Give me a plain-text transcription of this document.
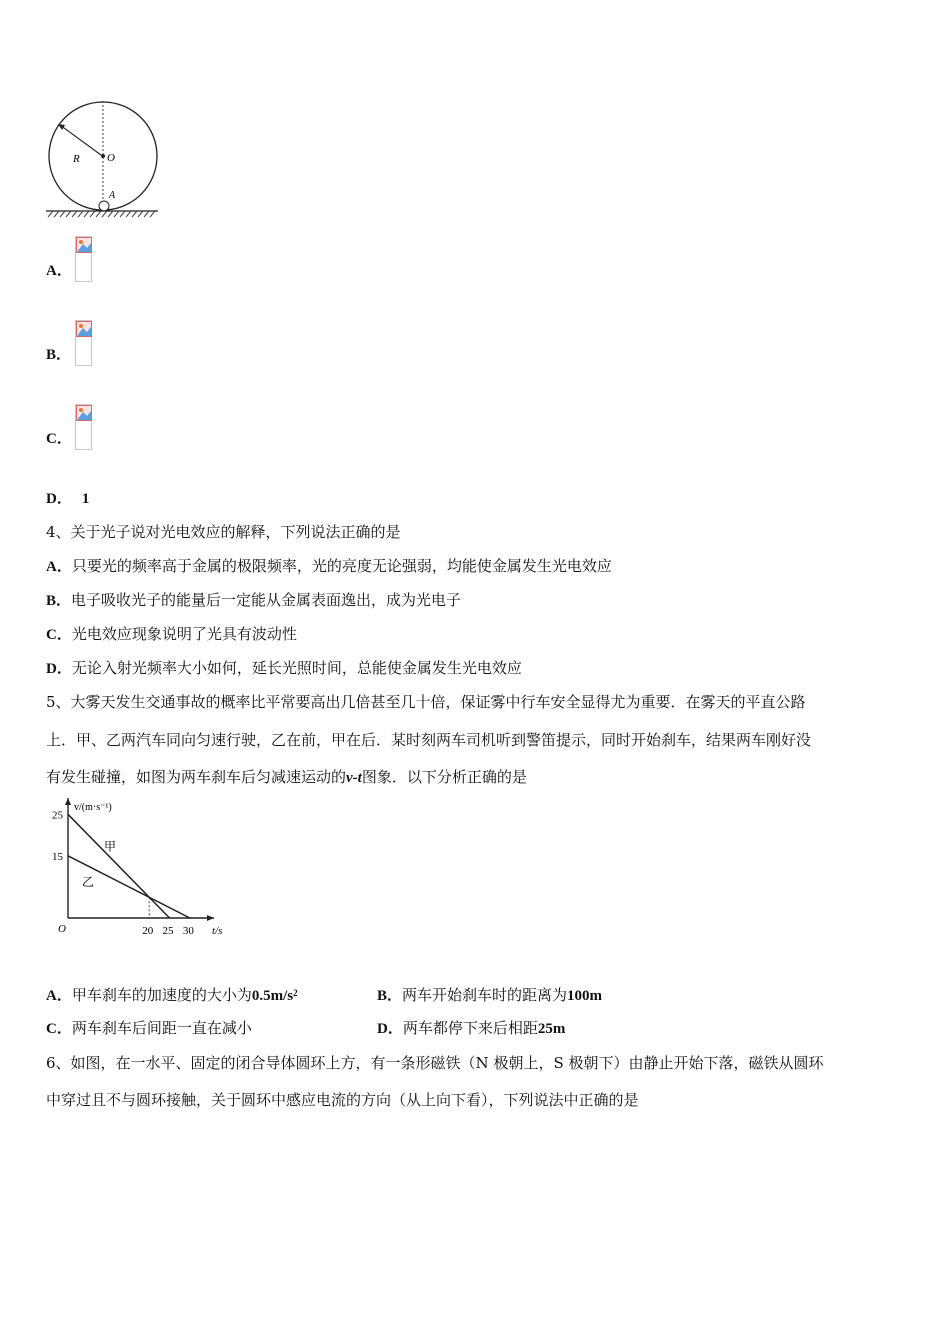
R O
A
A．
B．
C．
D． 1
4、关于光子说对光电效应的解释，下列说法正确的是
A．只要光的频率高于金属的极限频率，光的亮度无论强弱，均能使金属发生光电效应
B．电子吸收光子的能量后一定能从金属表面逸出，成为光电子
C．光电效应现象说明了光具有波动性
D．无论入射光频率大小如何，延长光照时间，总能使金属发生光电效应
5、大雾天发生交通事故的概率比平常要高出几倍甚至几十倍，保证雾中行车安全显得尤为重要．在雾天的平直公路
上．甲、乙两汽车同向匀速行驶，乙在前，甲在后．某时刻两车司机听到警笛提示，同时开始刹车，结果两车刚好没
有发生碰撞，如图为两车刹车后匀减速运动的v-t图象．以下分析正确的是
v/(m·s⁻¹)
t/s
O
25
15
20 25 30
甲
乙
A．甲车刹车的加速度的大小为$0.5m/s^2$	B．两车开始刹车时的距离为100m
C．两车刹车后间距一直在减小	D．两车都停下来后相距25m
6、如图，在一水平、固定的闭合导体圆环上方，有一条形磁铁（N 极朝上，S 极朝下）由静止开始下落，磁铁从圆环
中穿过且不与圆环接触，关于圆环中感应电流的方向（从上向下看），下列说法中正确的是
